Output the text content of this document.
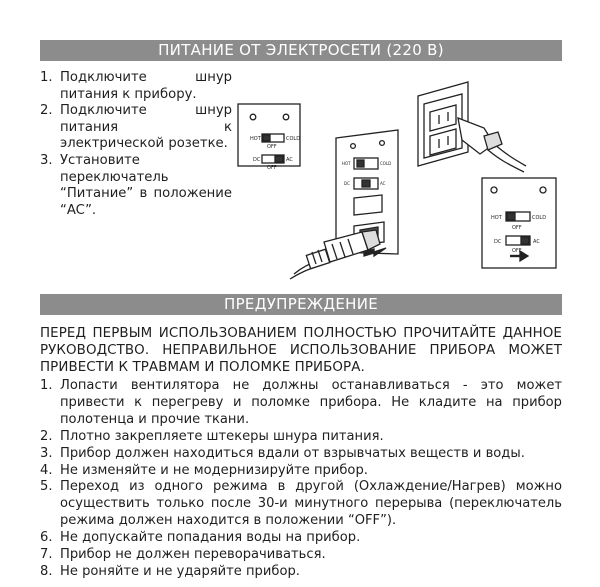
ПИТАНИЕ ОТ ЭЛЕКТРОСЕТИ (220 В)
1. Подключите шнур питания к прибору.
2. Подключите шнур питания к электрической розетке.
3. Установите переключатель “Питание” в положение “AC”.
HOT	COLD
OFF
DC	AC
OFF
HOT	COLD
DC	AC
HOT	COLD
OFF
DC	AC
OFF
ПРЕДУПРЕЖДЕНИЕ
ПЕРЕД ПЕРВЫМ ИСПОЛЬЗОВАНИЕМ ПОЛНОСТЬЮ ПРОЧИТАЙТЕ ДАННОЕ РУКОВОДСТВО. НЕПРАВИЛЬНОЕ ИСПОЛЬЗОВАНИЕ ПРИБОРА МОЖЕТ ПРИВЕСТИ К ТРАВМАМ И ПОЛОМКЕ ПРИБОРА.
1. Лопасти вентилятора не должны останавливаться - это может привести к перегреву и поломке прибора. Не кладите на прибор полотенца и прочие ткани.
2. Плотно закрепляете штекеры шнура питания.
3. Прибор должен находиться вдали от взрывчатых веществ и воды.
4. Не изменяйте и не модернизируйте прибор.
5. Переход из одного режима в другой (Охлаждение/Нагрев) можно осуществить только после 30-и минутного перерыва (переключатель режима должен находится в положении “OFF”).
6. Не допускайте попадания воды на прибор.
7. Прибор не должен переворачиваться.
8. Не роняйте и не ударяйте прибор.
